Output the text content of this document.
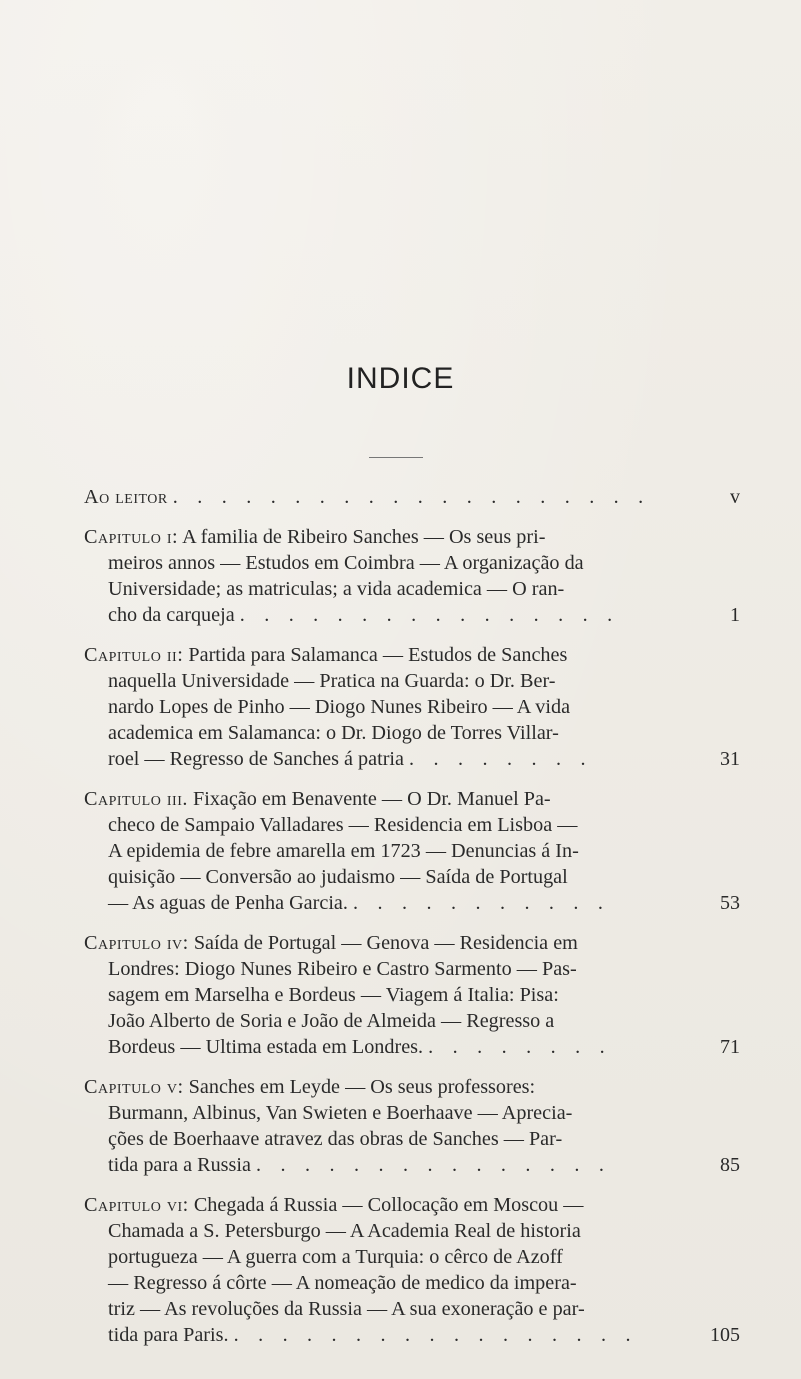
INDICE
Ao leitor . . . . . . . . . . . . . . . . . . . .	v
Capitulo i: A familia de Ribeiro Sanches — Os seus pri-
meiros annos — Estudos em Coimbra — A organização da
Universidade; as matriculas; a vida academica — O ran-
cho da carqueja . . . . . . . . . . . . . . . .	1
Capitulo ii: Partida para Salamanca — Estudos de Sanches
naquella Universidade — Pratica na Guarda: o Dr. Ber-
nardo Lopes de Pinho — Diogo Nunes Ribeiro — A vida
academica em Salamanca: o Dr. Diogo de Torres Villar-
roel — Regresso de Sanches á patria . . . . . . . .	31
Capitulo iii. Fixação em Benavente — O Dr. Manuel Pa-
checo de Sampaio Valladares — Residencia em Lisboa —
A epidemia de febre amarella em 1723 — Denuncias á In-
quisição — Conversão ao judaismo — Saída de Portugal
— As aguas de Penha Garcia. . . . . . . . . . . .	53
Capitulo iv: Saída de Portugal — Genova — Residencia em
Londres: Diogo Nunes Ribeiro e Castro Sarmento — Pas-
sagem em Marselha e Bordeus — Viagem á Italia: Pisa:
João Alberto de Soria e João de Almeida — Regresso a
Bordeus — Ultima estada em Londres. . . . . . . . .	71
Capitulo v: Sanches em Leyde — Os seus professores:
Burmann, Albinus, Van Swieten e Boerhaave — Aprecia-
ções de Boerhaave atravez das obras de Sanches — Par-
tida para a Russia . . . . . . . . . . . . . . .	85
Capitulo vi: Chegada á Russia — Collocação em Moscou —
Chamada a S. Petersburgo — A Academia Real de historia
portugueza — A guerra com a Turquia: o cêrco de Azoff
— Regresso á côrte — A nomeação de medico da impera-
triz — As revoluções da Russia — A sua exoneração e par-
tida para Paris. . . . . . . . . . . . . . . . . .	105
